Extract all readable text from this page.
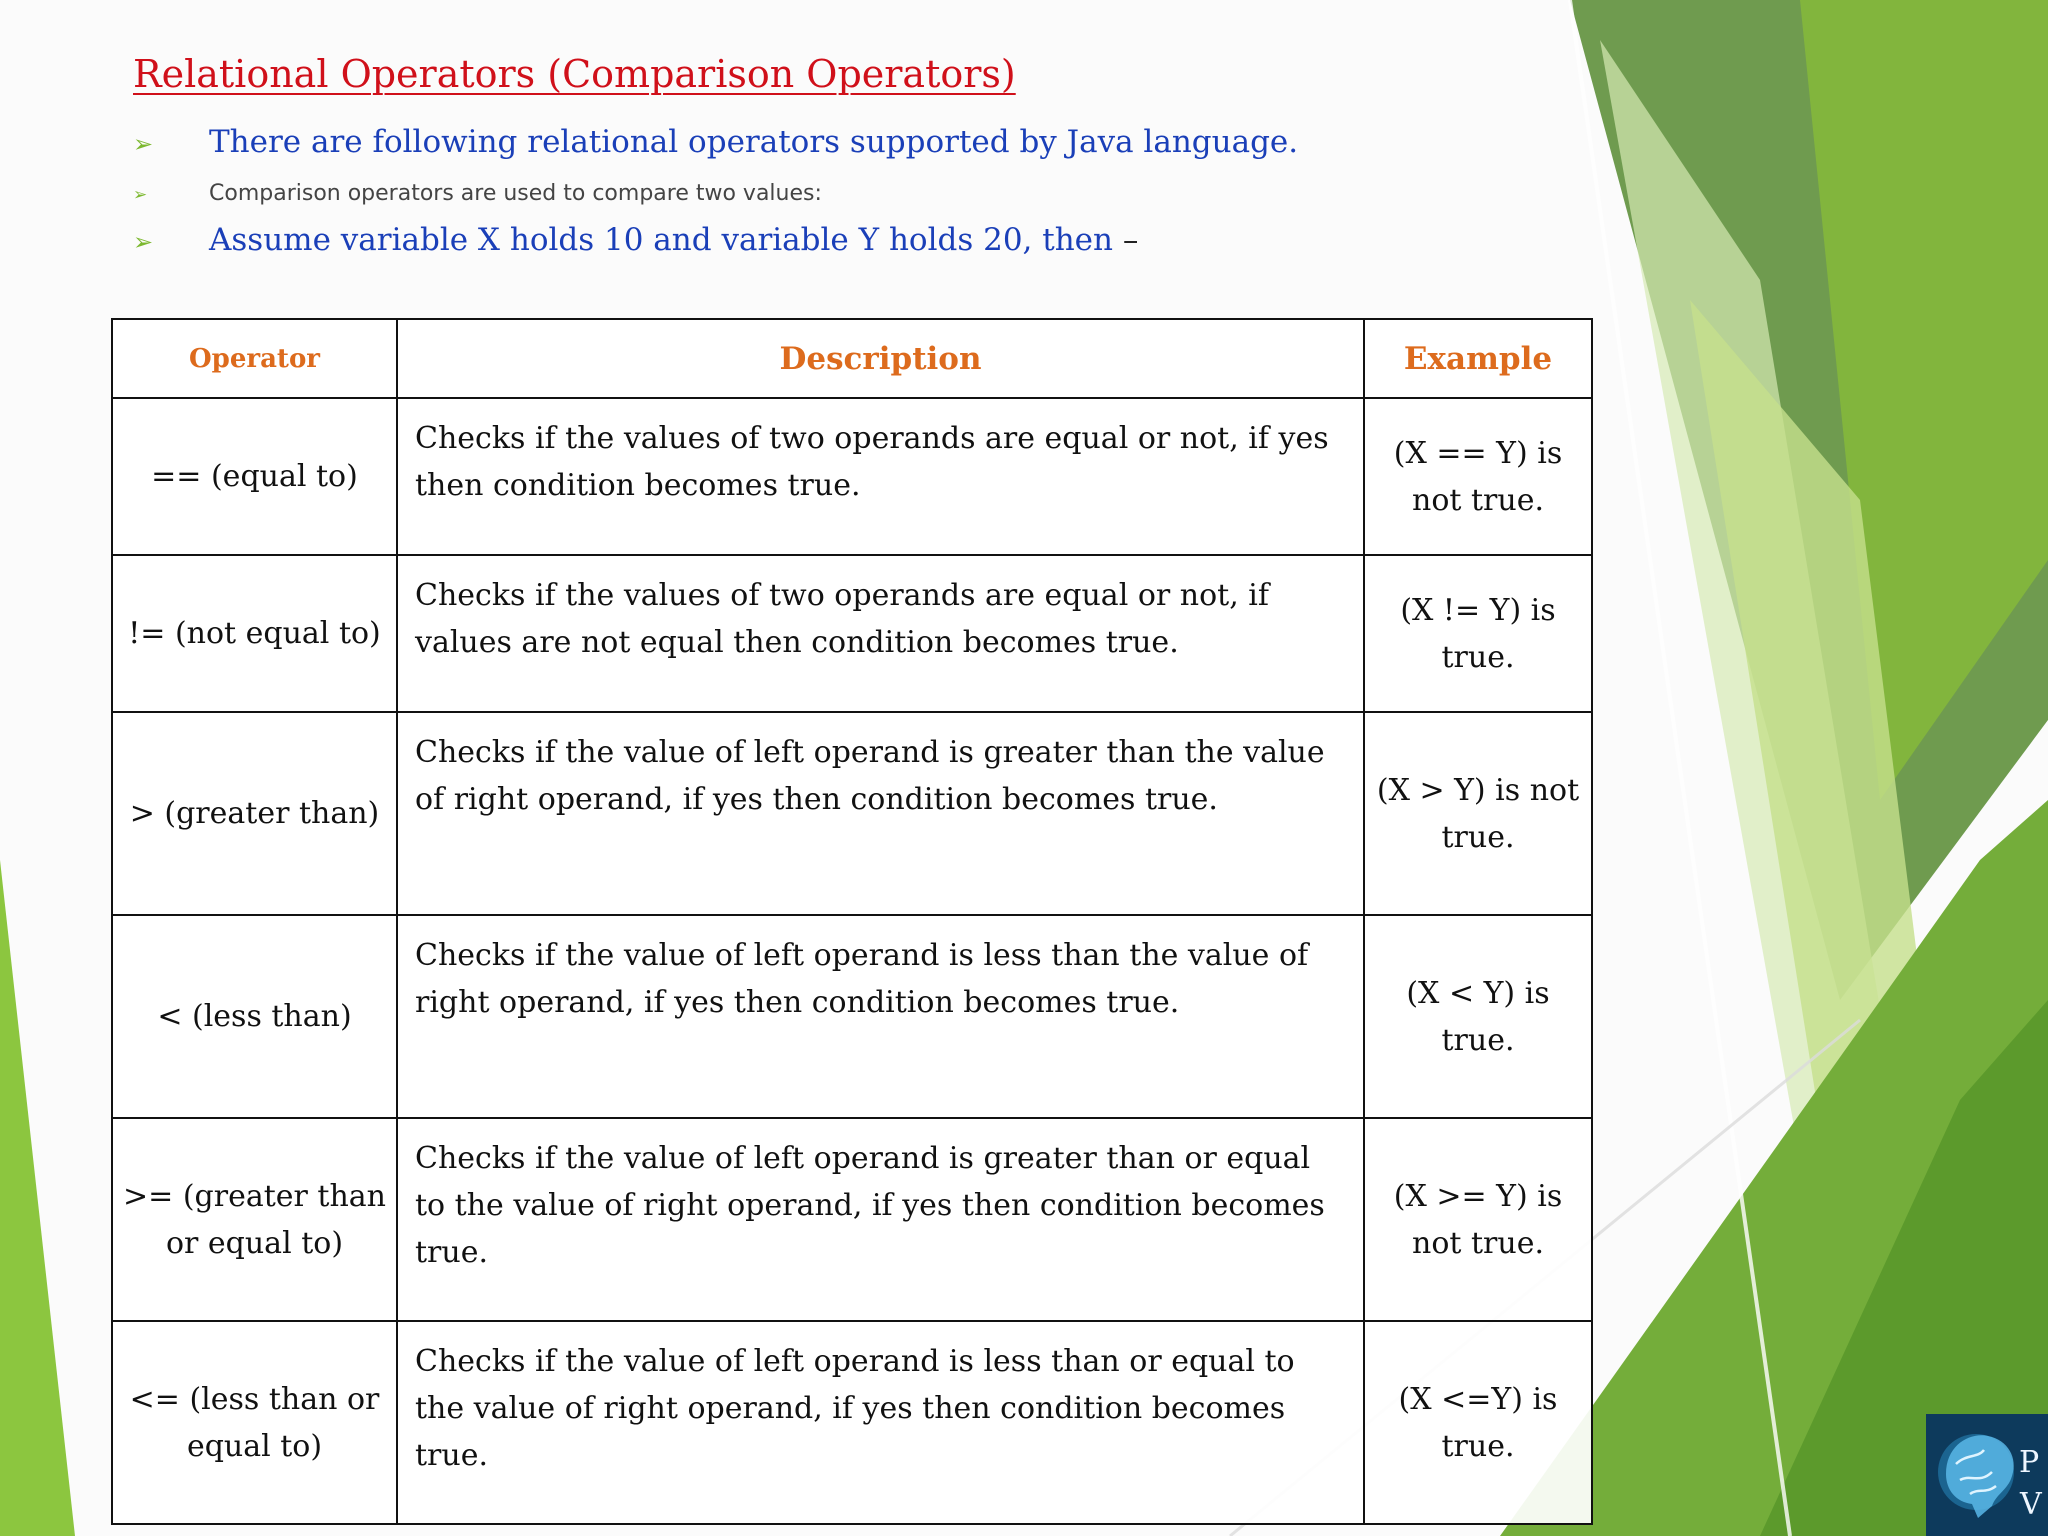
Relational Operators (Comparison Operators)
➢ There are following relational operators supported by Java language.
➢	Comparison operators are used to compare two values:
➢ Assume variable X holds 10 and variable Y holds 20, then –
Operator	Description	Example
== (equal to)	Checks if the values of two operands are equal or not, if yes then condition becomes true.	(X == Y) is not true.
!= (not equal to)	Checks if the values of two operands are equal or not, if values are not equal then condition becomes true.	(X != Y) is true.
> (greater than)	Checks if the value of left operand is greater than the value of right operand, if yes then condition becomes true.	(X > Y) is not true.
< (less than)	Checks if the value of left operand is less than the value of right operand, if yes then condition becomes true.	(X < Y) is true.
>= (greater than or equal to)	Checks if the value of left operand is greater than or equal to the value of right operand, if yes then condition becomes true.	(X >= Y) is not true.
<= (less than or equal to)	Checks if the value of left operand is less than or equal to the value of right operand, if yes then condition becomes true.	(X <=Y) is true.	P
V
